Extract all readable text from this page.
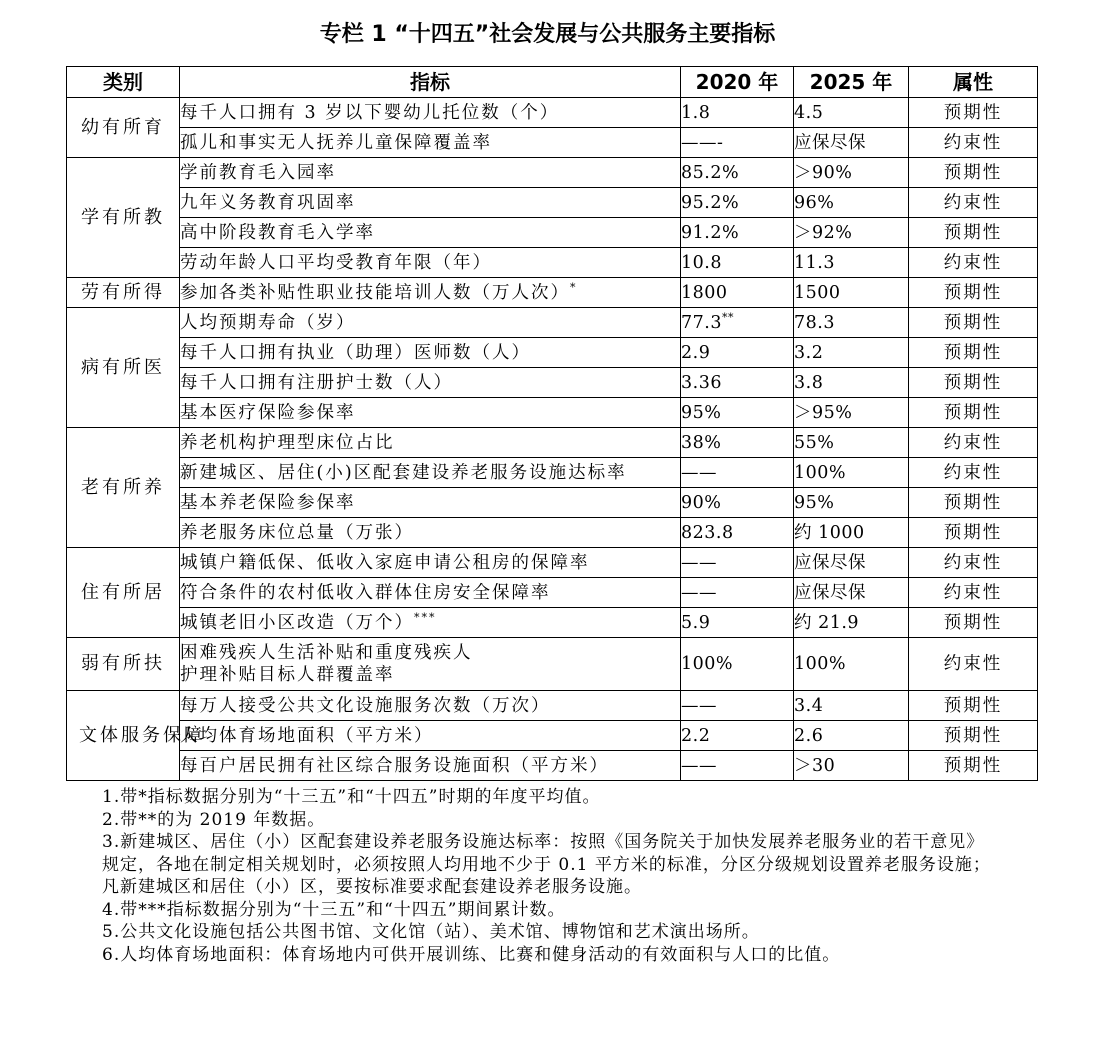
专栏 1 “十四五”社会发展与公共服务主要指标
类别	指标	2020 年	2025 年	属性
幼有所育	每千人口拥有 3 岁以下婴幼儿托位数（个）	1.8	4.5	预期性
	孤儿和事实无人抚养儿童保障覆盖率	——-	应保尽保	约束性
学有所教	学前教育毛入园率	85.2%	＞90%	预期性
	九年义务教育巩固率	95.2%	96%	约束性
	高中阶段教育毛入学率	91.2%	＞92%	预期性
	劳动年龄人口平均受教育年限（年）	10.8	11.3	约束性
劳有所得	参加各类补贴性职业技能培训人数（万人次）*	1800	1500	预期性
病有所医	人均预期寿命（岁）	77.3**	78.3	预期性
	每千人口拥有执业（助理）医师数（人）	2.9	3.2	预期性
	每千人口拥有注册护士数（人）	3.36	3.8	预期性
	基本医疗保险参保率	95%	＞95%	预期性
老有所养	养老机构护理型床位占比	38%	55%	约束性
	新建城区、居住(小)区配套建设养老服务设施达标率	——	100%	约束性
	基本养老保险参保率	90%	95%	预期性
	养老服务床位总量（万张）	823.8	约 1000	预期性
住有所居	城镇户籍低保、低收入家庭申请公租房的保障率	——	应保尽保	约束性
	符合条件的农村低收入群体住房安全保障率	——	应保尽保	约束性
	城镇老旧小区改造（万个）***	5.9	约 21.9	预期性
弱有所扶	困难残疾人生活补贴和重度残疾人
护理补贴目标人群覆盖率	100%	100%	约束性
文体服务保障	每万人接受公共文化设施服务次数（万次）	——	3.4	预期性
	人均体育场地面积（平方米）	2.2	2.6	预期性
	每百户居民拥有社区综合服务设施面积（平方米）	——	＞30	预期性

1.带*指标数据分别为“十三五”和“十四五”时期的年度平均值。

2.带**的为 2019 年数据。

3.新建城区、居住（小）区配套建设养老服务设施达标率：按照《国务院关于加快发展养老服务业的若干意见》规定，各地在制定相关规划时，必须按照人均用地不少于 0.1 平方米的标准，分区分级规划设置养老服务设施；凡新建城区和居住（小）区，要按标准要求配套建设养老服务设施。

4.带***指标数据分别为“十三五”和“十四五”期间累计数。

5.公共文化设施包括公共图书馆、文化馆（站）、美术馆、博物馆和艺术演出场所。

6.人均体育场地面积：体育场地内可供开展训练、比赛和健身活动的有效面积与人口的比值。
